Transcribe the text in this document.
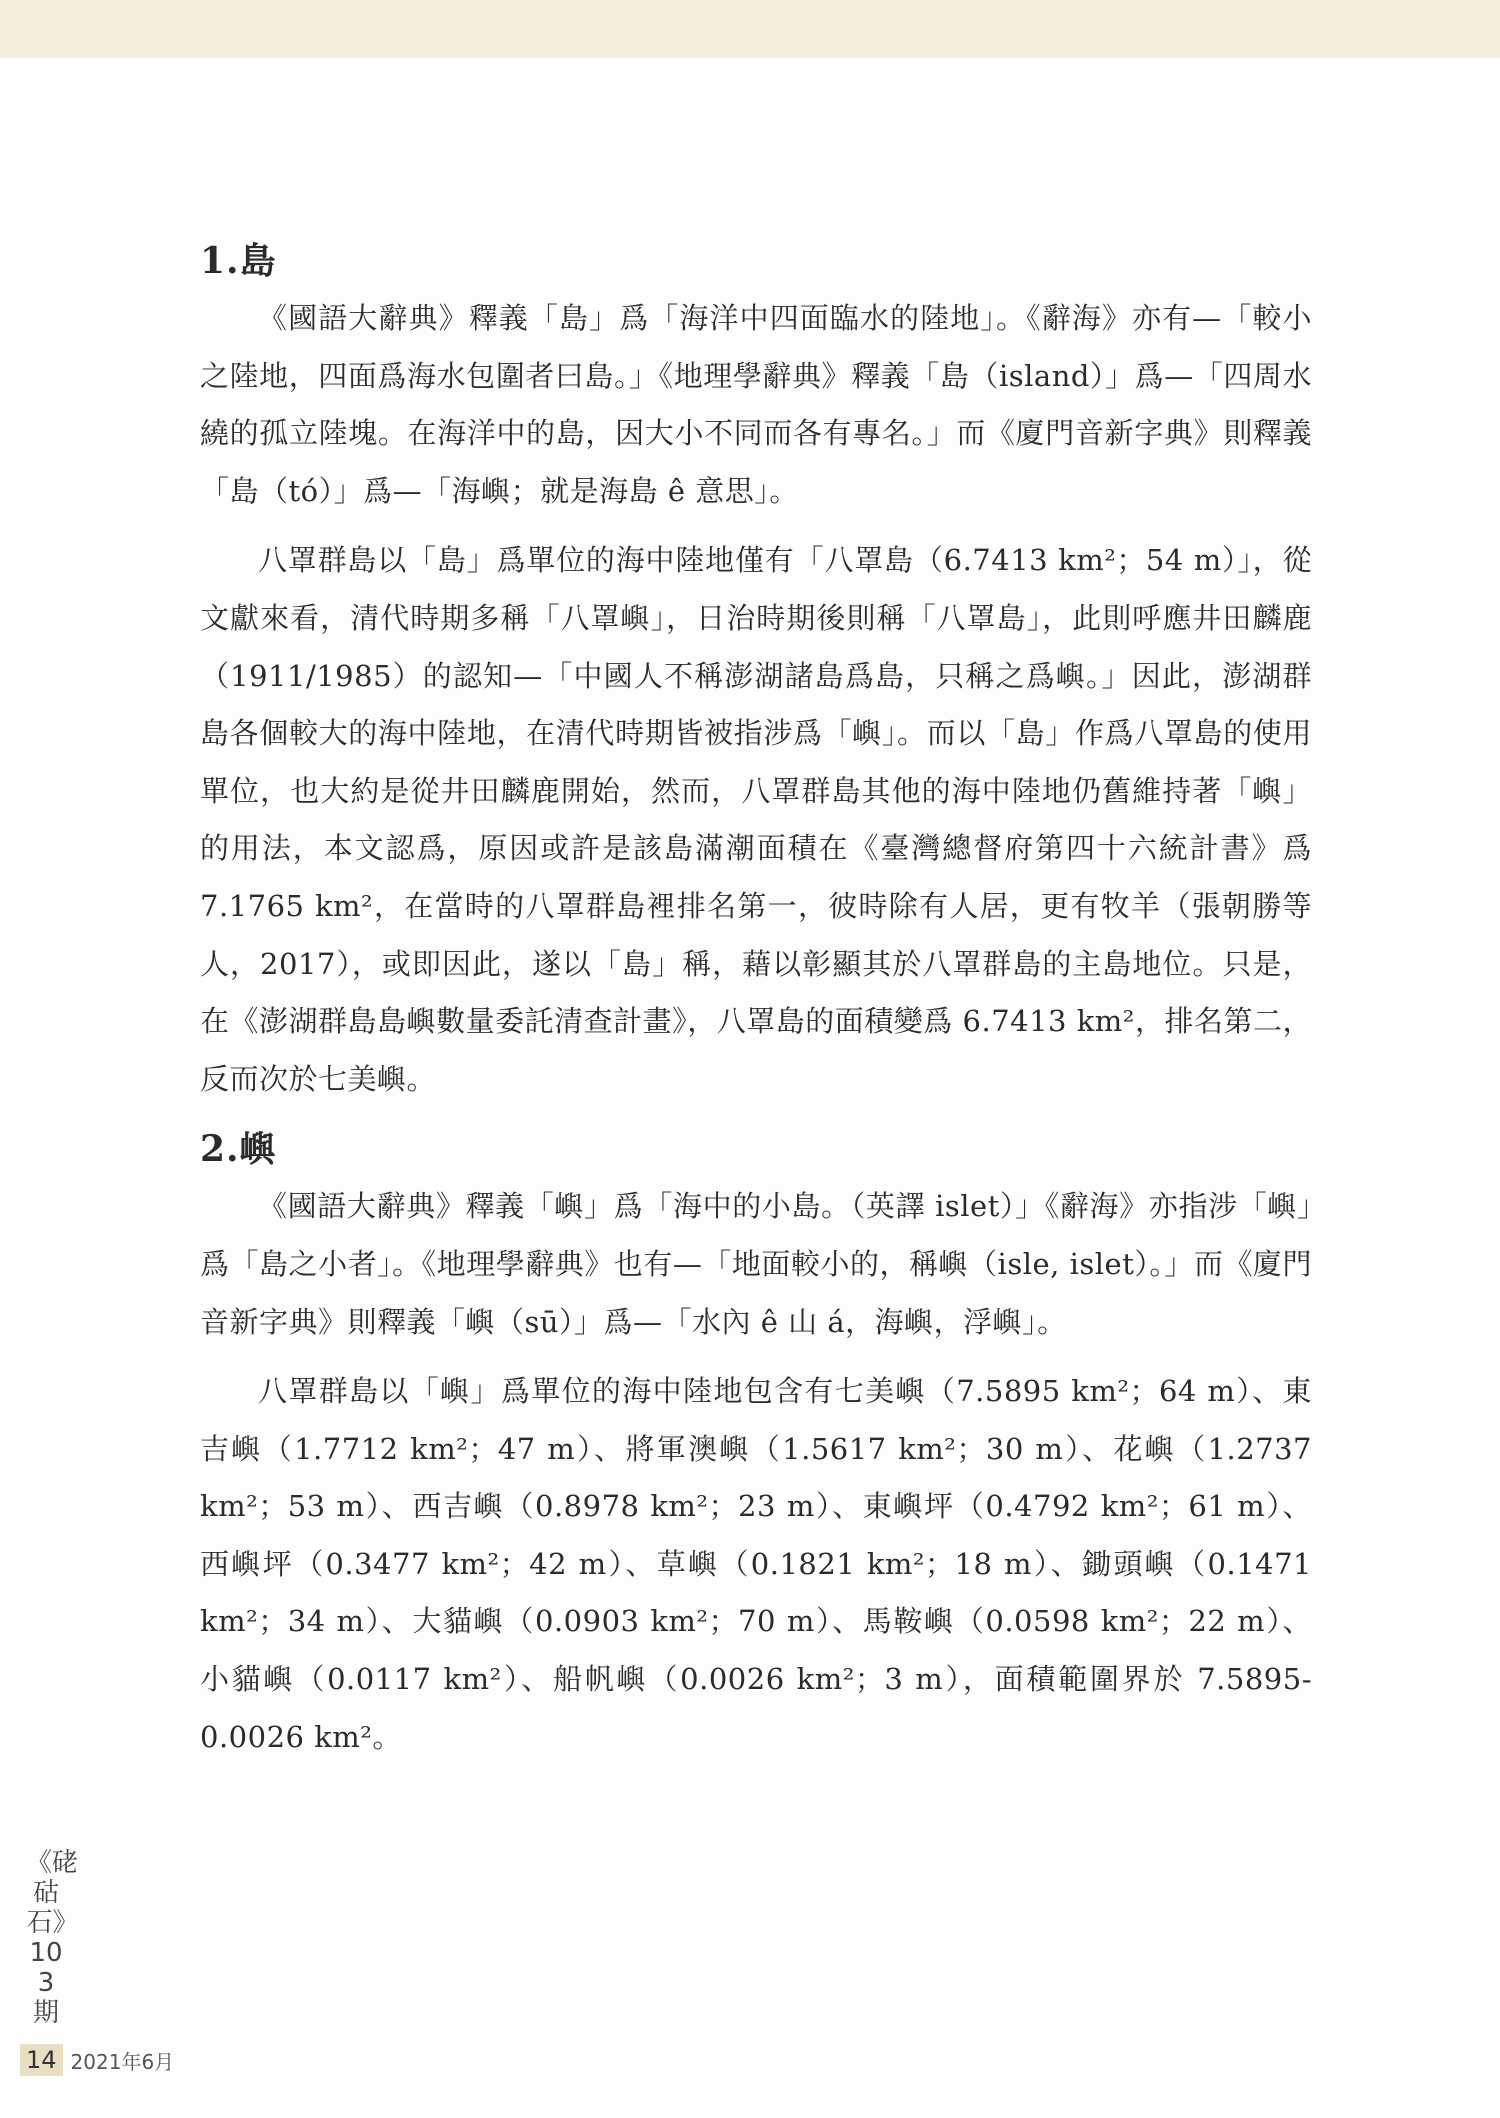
1.島

《國語大辭典》釋義「島」爲「海洋中四面臨水的陸地」。《辭海》亦有—「較小之陸地，四面爲海水包圍者曰島。」《地理學辭典》釋義「島（island）」爲—「四周水繞的孤立陸塊。在海洋中的島，因大小不同而各有專名。」而《廈門音新字典》則釋義「島（tó）」爲—「海嶼；就是海島 ê 意思」。

八罩群島以「島」爲單位的海中陸地僅有「八罩島（6.7413 km²；54 m）」，從文獻來看，清代時期多稱「八罩嶼」，日治時期後則稱「八罩島」，此則呼應井田麟鹿（1911/1985）的認知—「中國人不稱澎湖諸島爲島，只稱之爲嶼。」因此，澎湖群島各個較大的海中陸地，在清代時期皆被指涉爲「嶼」。而以「島」作爲八罩島的使用單位，也大約是從井田麟鹿開始，然而，八罩群島其他的海中陸地仍舊維持著「嶼」的用法，本文認爲，原因或許是該島滿潮面積在《臺灣總督府第四十六統計書》爲 7.1765 km²，在當時的八罩群島裡排名第一，彼時除有人居，更有牧羊（張朝勝等人，2017），或即因此，遂以「島」稱，藉以彰顯其於八罩群島的主島地位。只是，在《澎湖群島島嶼數量委託清查計畫》，八罩島的面積變爲 6.7413 km²，排名第二，反而次於七美嶼。

2.嶼

《國語大辭典》釋義「嶼」爲「海中的小島。（英譯 islet）」《辭海》亦指涉「嶼」爲「島之小者」。《地理學辭典》也有—「地面較小的，稱嶼（isle, islet）。」而《廈門音新字典》則釋義「嶼（sū）」爲—「水內 ê 山 á，海嶼，浮嶼」。

八罩群島以「嶼」爲單位的海中陸地包含有七美嶼（7.5895 km²；64 m）、東吉嶼（1.7712 km²；47 m）、將軍澳嶼（1.5617 km²；30 m）、花嶼（1.2737 km²；53 m）、西吉嶼（0.8978 km²；23 m）、東嶼坪（0.4792 km²；61 m）、西嶼坪（0.3477 km²；42 m）、草嶼（0.1821 km²；18 m）、鋤頭嶼（0.1471 km²；34 m）、大貓嶼（0.0903 km²；70 m）、馬鞍嶼（0.0598 km²；22 m）、小貓嶼（0.0117 km²）、船帆嶼（0.0026 km²；3 m），面積範圍界於 7.5895-0.0026 km²。

《硓𥑮石》103期
14 2021年6月
